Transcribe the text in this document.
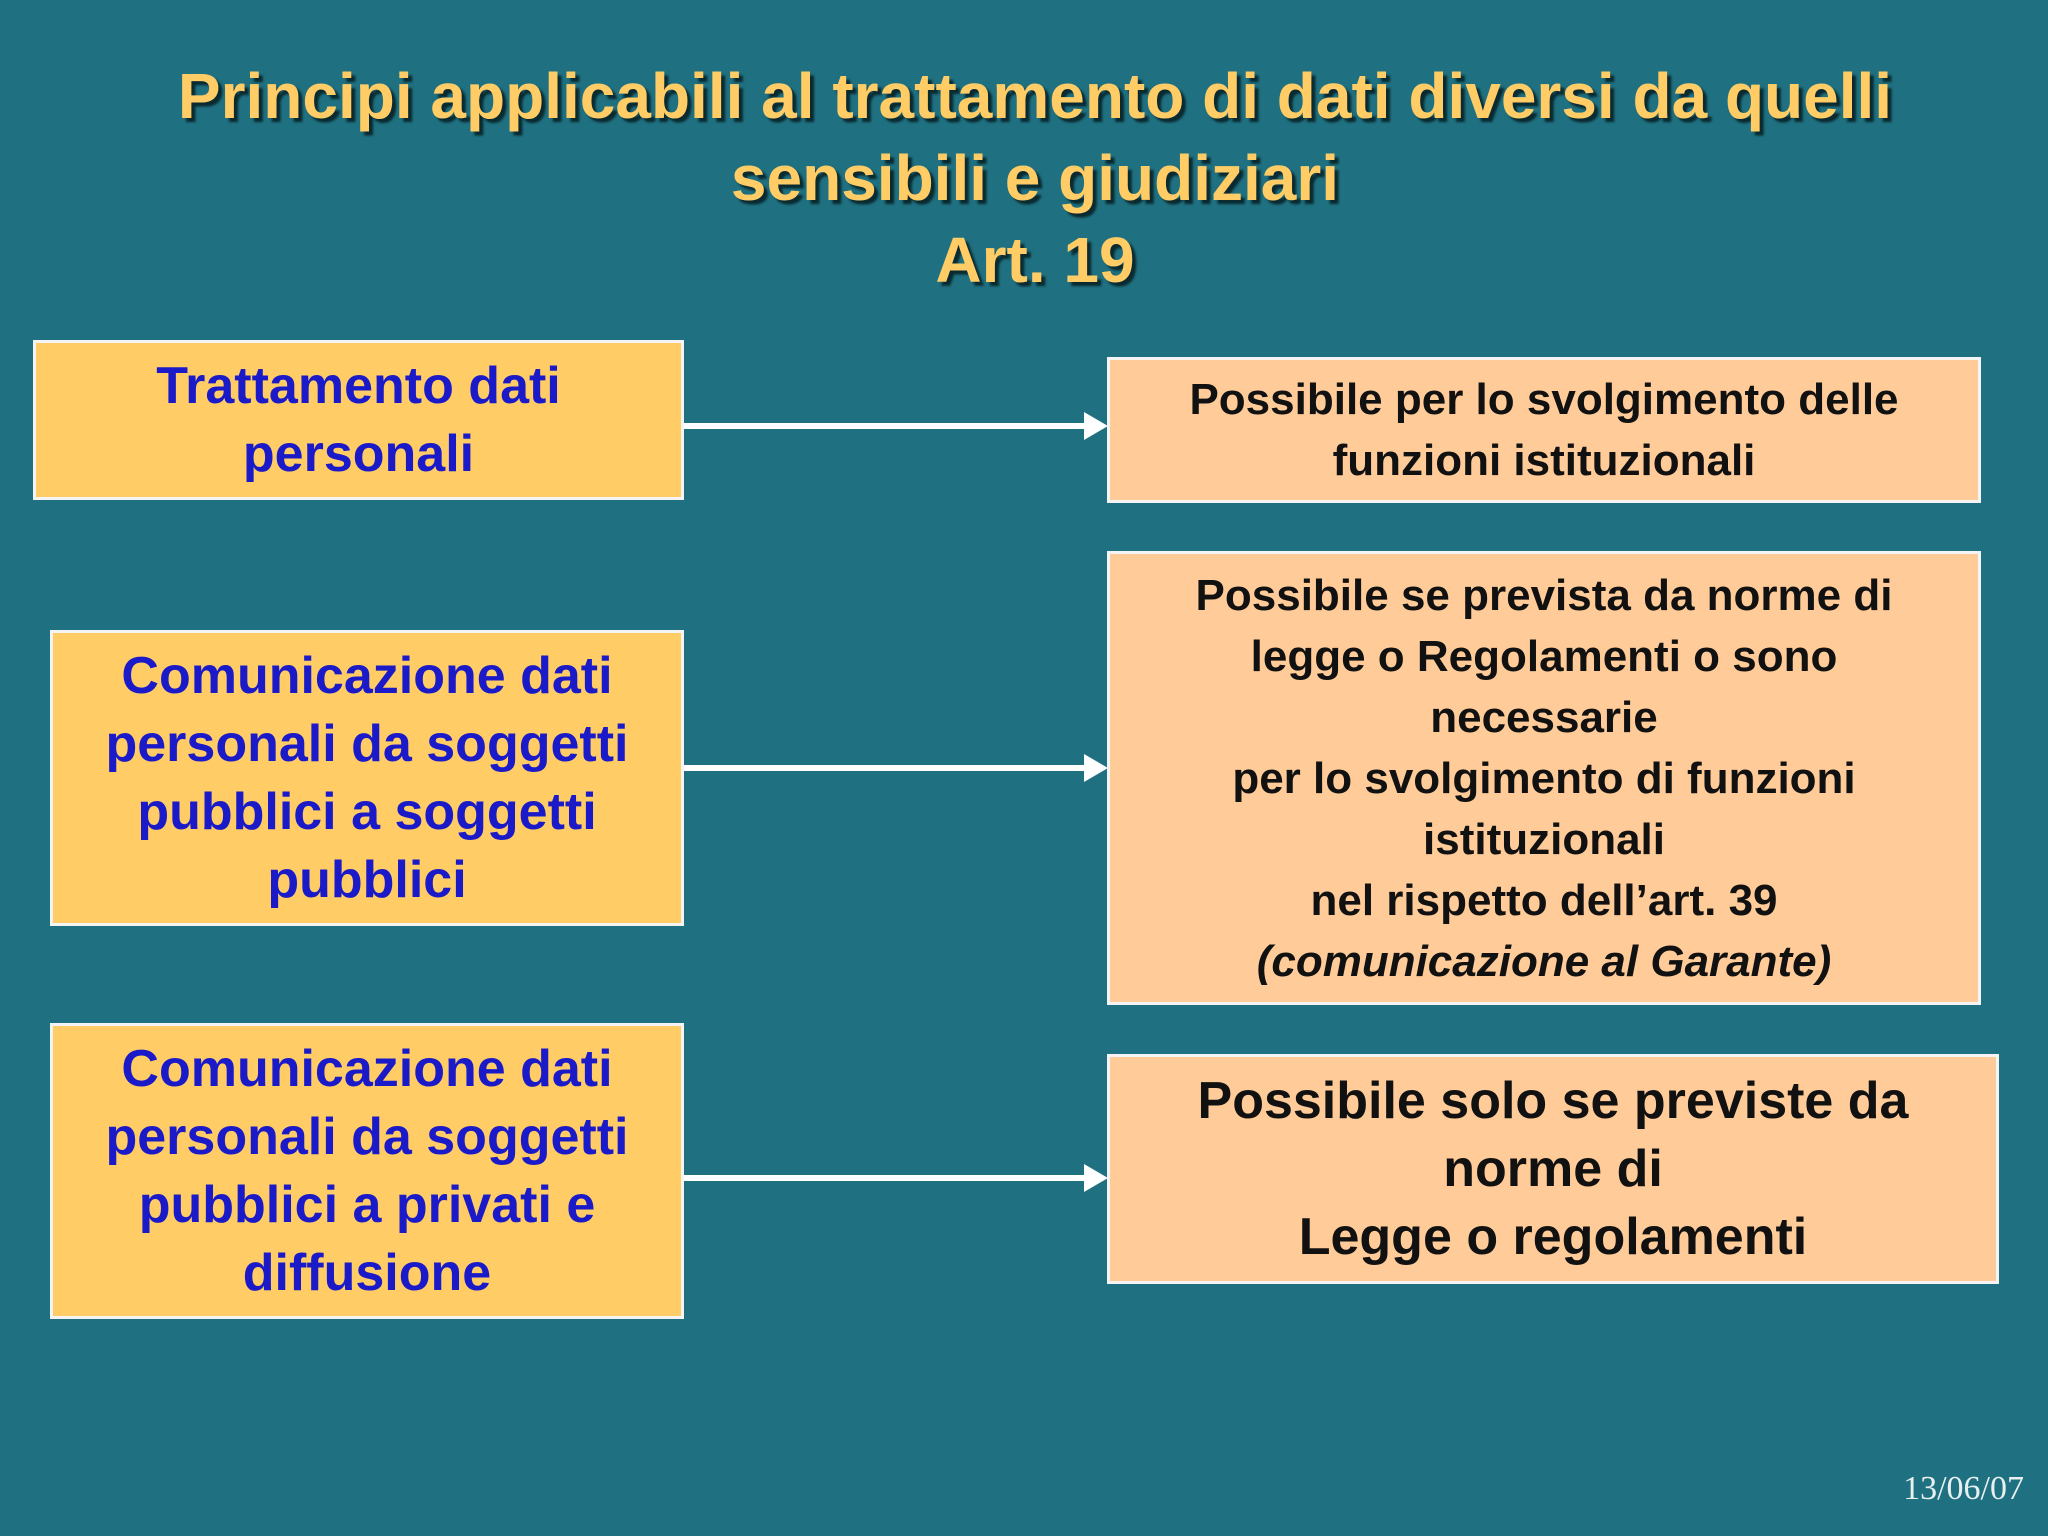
Principi applicabili al trattamento di dati diversi da quelli
sensibili e giudiziari
Art. 19
Trattamento dati
personali
Possibile per lo svolgimento delle
funzioni istituzionali
Comunicazione dati
personali da soggetti
pubblici a soggetti
pubblici
Possibile se prevista da norme di
legge o Regolamenti o sono
necessarie
per lo svolgimento di funzioni
istituzionali
nel rispetto dell’art. 39
(comunicazione al Garante)
Comunicazione dati
personali da soggetti
pubblici a privati e
diffusione
Possibile solo se previste da
norme di
Legge o regolamenti
13/06/07
